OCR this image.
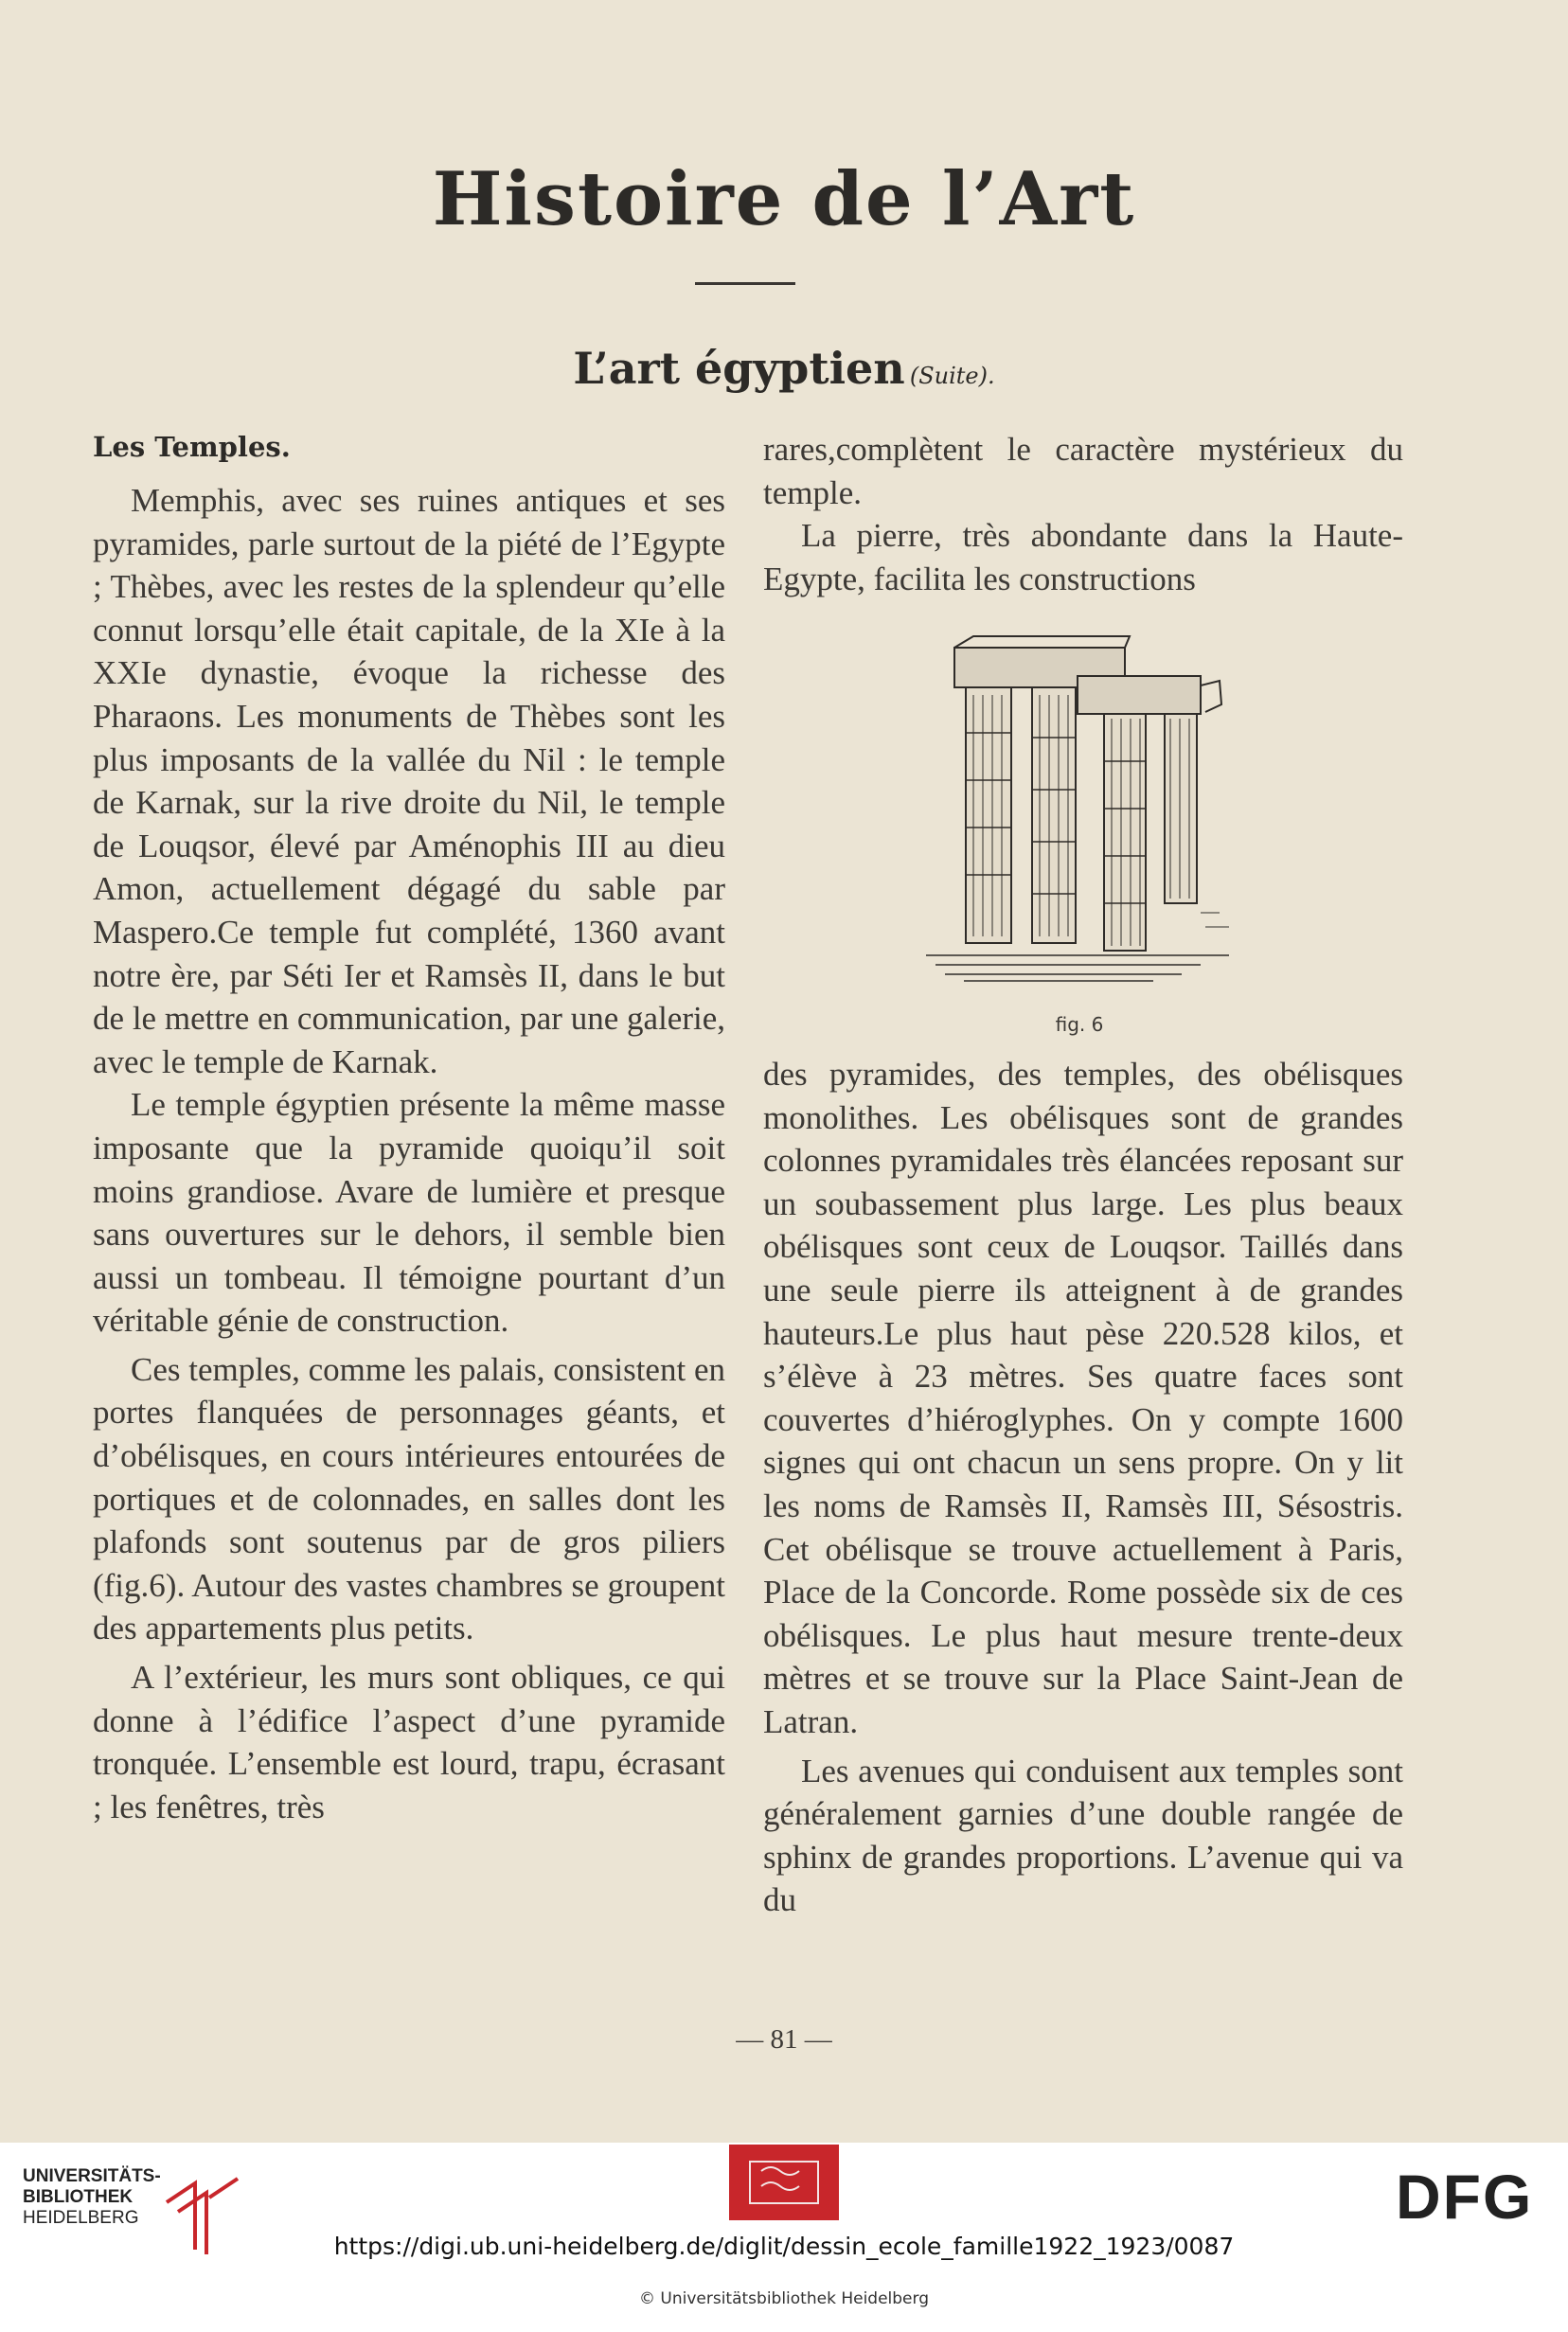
Histoire de l’Art
L’art égyptien (Suite).
Les Temples.

Memphis, avec ses ruines antiques et ses pyramides, parle surtout de la piété de l’Egypte ; Thèbes, avec les restes de la splendeur qu’elle connut lorsqu’elle était capitale, de la XIe à la XXIe dynastie, évoque la richesse des Pharaons. Les monuments de Thèbes sont les plus imposants de la vallée du Nil : le temple de Karnak, sur la rive droite du Nil, le temple de Louqsor, élevé par Aménophis III au dieu Amon, actuellement dégagé du sable par Maspero.Ce temple fut complété, 1360 avant notre ère, par Séti Ier et Ramsès II, dans le but de le mettre en communication, par une galerie, avec le temple de Karnak.

Le temple égyptien présente la même masse imposante que la pyramide quoiqu’il soit moins grandiose. Avare de lumière et presque sans ouvertures sur le dehors, il semble bien aussi un tombeau. Il témoigne pourtant d’un véritable génie de construction.

Ces temples, comme les palais, consistent en portes flanquées de personnages géants, et d’obélisques, en cours intérieures entourées de portiques et de colonnades, en salles dont les plafonds sont soutenus par de gros piliers (fig.6). Autour des vastes chambres se groupent des appartements plus petits.

A l’extérieur, les murs sont obliques, ce qui donne à l’édifice l’aspect d’une pyramide tronquée. L’ensemble est lourd, trapu, écrasant ; les fenêtres, très

rares,complètent le caractère mystérieux du temple.

La pierre, très abondante dans la Haute-Egypte, facilita les constructions

fig. 6

des pyramides, des temples, des obélisques monolithes. Les obélisques sont de grandes colonnes pyramidales très élancées reposant sur un soubassement plus large. Les plus beaux obélisques sont ceux de Louqsor. Taillés dans une seule pierre ils atteignent à de grandes hauteurs.Le plus haut pèse 220.528 kilos, et s’élève à 23 mètres. Ses quatre faces sont couvertes d’hiéroglyphes. On y compte 1600 signes qui ont chacun un sens propre. On y lit les noms de Ramsès II, Ramsès III, Sésostris. Cet obélisque se trouve actuellement à Paris, Place de la Concorde. Rome possède six de ces obélisques. Le plus haut mesure trente-deux mètres et se trouve sur la Place Saint-Jean de Latran.

Les avenues qui conduisent aux temples sont généralement garnies d’une double rangée de sphinx de grandes proportions. L’avenue qui va du

— 81 —
UNIVERSITÄTS-
BIBLIOTHEK
HEIDELBERG	DFG
https://digi.ub.uni-heidelberg.de/diglit/dessin_ecole_famille1922_1923/0087
© Universitätsbibliothek Heidelberg
